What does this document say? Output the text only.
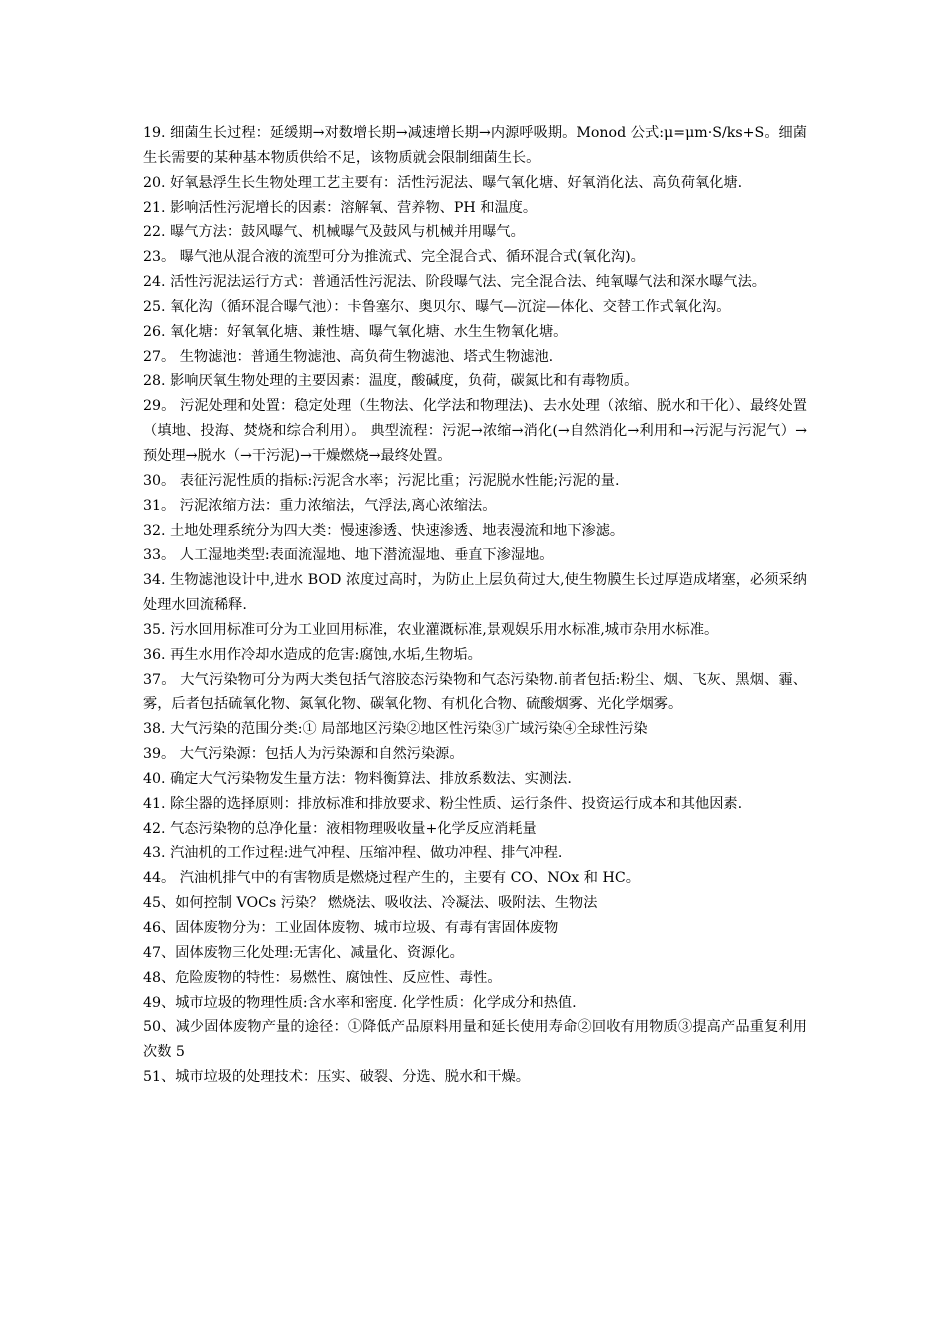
19. 细菌生长过程：延缓期→对数增长期→减速增长期→内源呼吸期。Monod 公式:μ=μm·S/ks+S。细菌生长需要的某种基本物质供给不足，该物质就会限制细菌生长。

20. 好氧悬浮生长生物处理工艺主要有：活性污泥法、曝气氧化塘、好氧消化法、高负荷氧化塘.

21. 影响活性污泥增长的因素：溶解氧、营养物、PH 和温度。

22. 曝气方法：鼓风曝气、机械曝气及鼓风与机械并用曝气。

23。 曝气池从混合液的流型可分为推流式、完全混合式、循环混合式(氧化沟)。

24. 活性污泥法运行方式：普通活性污泥法、阶段曝气法、完全混合法、纯氧曝气法和深水曝气法。

25. 氧化沟（循环混合曝气池）：卡鲁塞尔、奥贝尔、曝气—沉淀—体化、交替工作式氧化沟。

26. 氧化塘：好氧氧化塘、兼性塘、曝气氧化塘、水生生物氧化塘。

27。 生物滤池：普通生物滤池、高负荷生物滤池、塔式生物滤池.

28. 影响厌氧生物处理的主要因素：温度，酸碱度，负荷，碳氮比和有毒物质。

29。 污泥处理和处置：稳定处理（生物法、化学法和物理法)、去水处理（浓缩、脱水和干化）、最终处置（填地、投海、焚烧和综合利用）。 典型流程：污泥→浓缩→消化(→自然消化→利用和→污泥与污泥气）→预处理→脱水（→干污泥)→干燥燃烧→最终处置。

30。 表征污泥性质的指标:污泥含水率；污泥比重；污泥脱水性能;污泥的量.

31。 污泥浓缩方法：重力浓缩法，气浮法,离心浓缩法。

32. 土地处理系统分为四大类：慢速渗透、快速渗透、地表漫流和地下渗滤。

33。 人工湿地类型:表面流湿地、地下潜流湿地、垂直下渗湿地。

34. 生物滤池设计中,进水 BOD 浓度过高时，为防止上层负荷过大,使生物膜生长过厚造成堵塞，必须采纳处理水回流稀释.

35. 污水回用标准可分为工业回用标准，农业灌溉标准,景观娱乐用水标准,城市杂用水标准。

36. 再生水用作冷却水造成的危害:腐蚀,水垢,生物垢。

37。 大气污染物可分为两大类包括气溶胶态污染物和气态污染物.前者包括:粉尘、烟、飞灰、黑烟、霾、雾，后者包括硫氧化物、氮氧化物、碳氧化物、有机化合物、硫酸烟雾、光化学烟雾。

38. 大气污染的范围分类:① 局部地区污染②地区性污染③广域污染④全球性污染

39。 大气污染源：包括人为污染源和自然污染源。

40. 确定大气污染物发生量方法：物料衡算法、排放系数法、实测法.

41. 除尘器的选择原则：排放标准和排放要求、粉尘性质、运行条件、投资运行成本和其他因素.

42. 气态污染物的总净化量：液相物理吸收量+化学反应消耗量

43. 汽油机的工作过程:进气冲程、压缩冲程、做功冲程、排气冲程.

44。 汽油机排气中的有害物质是燃烧过程产生的，主要有 CO、NOx 和 HC。

45、如何控制 VOCs 污染？ 燃烧法、吸收法、冷凝法、吸附法、生物法

46、固体废物分为：工业固体废物、城市垃圾、有毒有害固体废物

47、固体废物三化处理:无害化、减量化、资源化。

48、危险废物的特性：易燃性、腐蚀性、反应性、毒性。

49、城市垃圾的物理性质:含水率和密度. 化学性质：化学成分和热值.

50、减少固体废物产量的途径：①降低产品原料用量和延长使用寿命②回收有用物质③提高产品重复利用次数 5

51、城市垃圾的处理技术：压实、破裂、分选、脱水和干燥。
